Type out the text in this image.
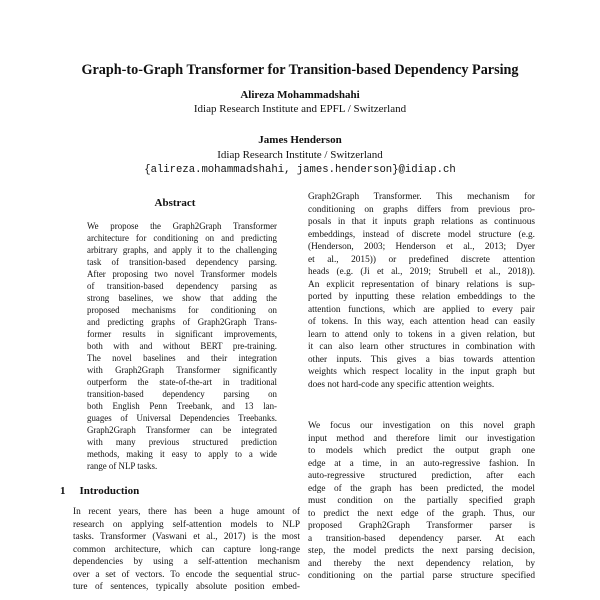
Graph-to-Graph Transformer for Transition-based Dependency Parsing
Alireza Mohammadshahi
Idiap Research Institute and EPFL / Switzerland
James Henderson
Idiap Research Institute / Switzerland
{alireza.mohammadshahi, james.henderson}@idiap.ch
Abstract
We propose the Graph2Graph Transformer
architecture for conditioning on and predicting
arbitrary graphs, and apply it to the challenging
task of transition-based dependency parsing.
After proposing two novel Transformer models
of transition-based dependency parsing as
strong baselines, we show that adding the
proposed mechanisms for conditioning on
and predicting graphs of Graph2Graph Trans-
former results in significant improvements,
both with and without BERT pre-training.
The novel baselines and their integration
with Graph2Graph Transformer significantly
outperform the state-of-the-art in traditional
transition-based dependency parsing on
both English Penn Treebank, and 13 lan-
guages of Universal Dependencies Treebanks.
Graph2Graph Transformer can be integrated
with many previous structured prediction
methods, making it easy to apply to a wide
range of NLP tasks.
1 Introduction
In recent years, there has been a huge amount of
research on applying self-attention models to NLP
tasks. Transformer (Vaswani et al., 2017) is the most
common architecture, which can capture long-range
dependencies by using a self-attention mechanism
over a set of vectors. To encode the sequential struc-
ture of sentences, typically absolute position embed-
Graph2Graph Transformer. This mechanism for
conditioning on graphs differs from previous pro-
posals in that it inputs graph relations as continuous
embeddings, instead of discrete model structure (e.g.
(Henderson, 2003; Henderson et al., 2013; Dyer
et al., 2015)) or predefined discrete attention
heads (e.g. (Ji et al., 2019; Strubell et al., 2018)).
An explicit representation of binary relations is sup-
ported by inputting these relation embeddings to the
attention functions, which are applied to every pair
of tokens. In this way, each attention head can easily
learn to attend only to tokens in a given relation, but
it can also learn other structures in combination with
other inputs. This gives a bias towards attention
weights which respect locality in the input graph but
does not hard-code any specific attention weights.
We focus our investigation on this novel graph
input method and therefore limit our investigation
to models which predict the output graph one
edge at a time, in an auto-regressive fashion. In
auto-regressive structured prediction, after each
edge of the graph has been predicted, the model
must condition on the partially specified graph
to predict the next edge of the graph. Thus, our
proposed Graph2Graph Transformer parser is
a transition-based dependency parser. At each
step, the model predicts the next parsing decision,
and thereby the next dependency relation, by
conditioning on the partial parse structure specified
